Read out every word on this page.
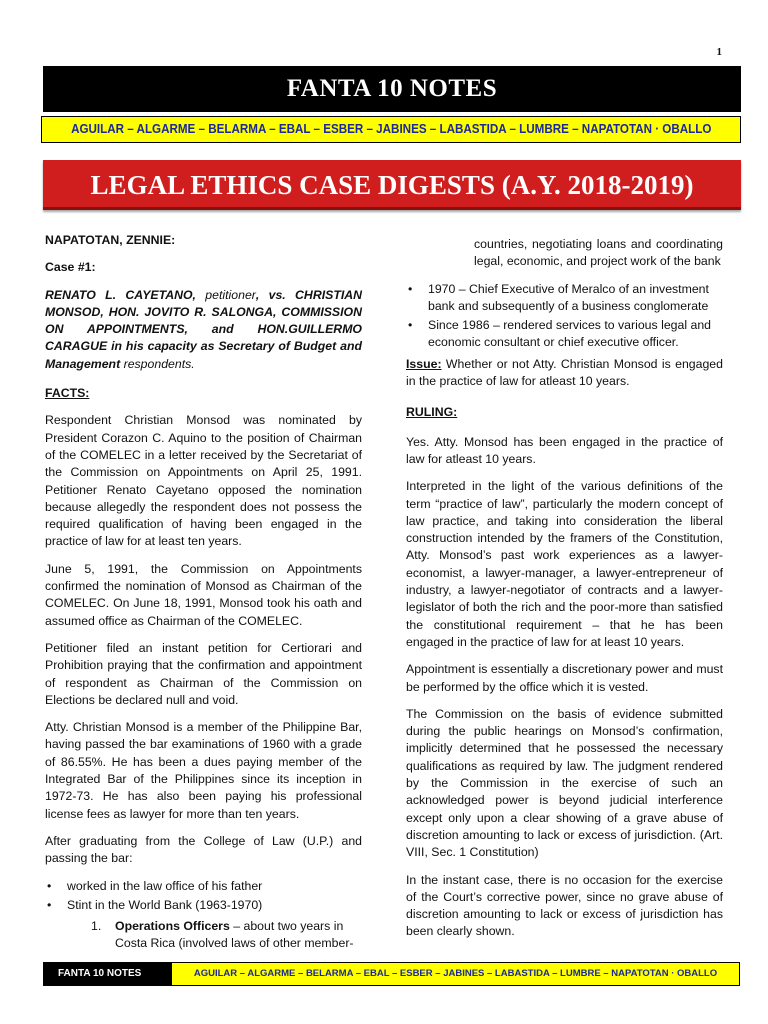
1
FANTA 10 NOTES
AGUILAR – ALGARME – BELARMA – EBAL – ESBER – JABINES – LABASTIDA – LUMBRE – NAPATOTAN · OBALLO
LEGAL ETHICS CASE DIGESTS (A.Y. 2018-2019)

NAPATOTAN, ZENNIE:

Case #1:

RENATO L. CAYETANO, petitioner, vs. CHRISTIAN MONSOD, HON. JOVITO R. SALONGA, COMMISSION ON APPOINTMENTS, and HON.GUILLERMO CARAGUE in his capacity as Secretary of Budget and Management respondents.

FACTS:

Respondent Christian Monsod was nominated by President Corazon C. Aquino to the position of Chairman of the COMELEC in a letter received by the Secretariat of the Commission on Appointments on April 25, 1991. Petitioner Renato Cayetano opposed the nomination because allegedly the respondent does not possess the required qualification of having been engaged in the practice of law for at least ten years.

June 5, 1991, the Commission on Appointments confirmed the nomination of Monsod as Chairman of the COMELEC. On June 18, 1991, Monsod took his oath and assumed office as Chairman of the COMELEC.

Petitioner filed an instant petition for Certiorari and Prohibition praying that the confirmation and appointment of respondent as Chairman of the Commission on Elections be declared null and void.

Atty. Christian Monsod is a member of the Philippine Bar, having passed the bar examinations of 1960 with a grade of 86.55%. He has been a dues paying member of the Integrated Bar of the Philippines since its inception in 1972-73. He has also been paying his professional license fees as lawyer for more than ten years.

After graduating from the College of Law (U.P.) and passing the bar:

• worked in the law office of his father
• Stint in the World Bank (1963-1970)
1.	Operations Officers – about two years in Costa Rica (involved laws of other member-

countries, negotiating loans and coordinating legal, economic, and project work of the bank

• 1970 – Chief Executive of Meralco of an investment bank and subsequently of a business conglomerate
• Since 1986 – rendered services to various legal and economic consultant or chief executive officer.

Issue: Whether or not Atty. Christian Monsod is engaged in the practice of law for atleast 10 years.

RULING:

Yes. Atty. Monsod has been engaged in the practice of law for atleast 10 years.

Interpreted in the light of the various definitions of the term “practice of law”, particularly the modern concept of law practice, and taking into consideration the liberal construction intended by the framers of the Constitution, Atty. Monsod’s past work experiences as a lawyer-economist, a lawyer-manager, a lawyer-entrepreneur of industry, a lawyer-negotiator of contracts and a lawyer-legislator of both the rich and the poor-more than satisfied the constitutional requirement – that he has been engaged in the practice of law for at least 10 years.

Appointment is essentially a discretionary power and must be performed by the office which it is vested.

The Commission on the basis of evidence submitted during the public hearings on Monsod’s confirmation, implicitly determined that he possessed the necessary qualifications as required by law. The judgment rendered by the Commission in the exercise of such an acknowledged power is beyond judicial interference except only upon a clear showing of a grave abuse of discretion amounting to lack or excess of jurisdiction. (Art. VIII, Sec. 1 Constitution)

In the instant case, there is no occasion for the exercise of the Court’s corrective power, since no grave abuse of discretion amounting to lack or excess of jurisdiction has been clearly shown.

FANTA 10 NOTES	AGUILAR – ALGARME – BELARMA – EBAL – ESBER – JABINES – LABASTIDA – LUMBRE – NAPATOTAN · OBALLO
